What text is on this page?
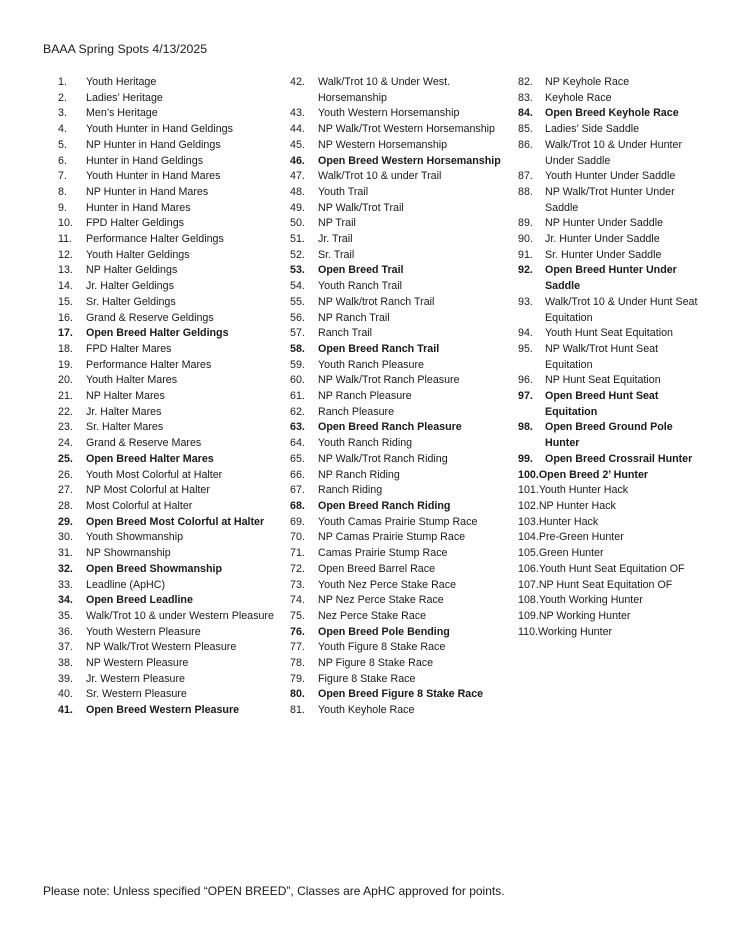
BAAA Spring Spots 4/13/2025
1.	Youth Heritage
2.	Ladies’ Heritage
3.	Men’s Heritage
4.	Youth Hunter in Hand Geldings
5.	NP Hunter in Hand Geldings
6.	Hunter in Hand Geldings
7.	Youth Hunter in Hand Mares
8.	NP Hunter in Hand Mares
9.	Hunter in Hand Mares
10.	FPD Halter Geldings
11.	Performance Halter Geldings
12.	Youth Halter Geldings
13.	NP Halter Geldings
14.	Jr. Halter Geldings
15.	Sr. Halter Geldings
16.	Grand & Reserve Geldings
17.	Open Breed Halter Geldings
18.	FPD Halter Mares
19.	Performance Halter Mares
20.	Youth Halter Mares
21.	NP Halter Mares
22.	Jr. Halter Mares
23.	Sr. Halter Mares
24.	Grand & Reserve Mares
25.	Open Breed Halter Mares
26.	Youth Most Colorful at Halter
27.	NP Most Colorful at Halter
28.	Most Colorful at Halter
29.	Open Breed Most Colorful at Halter
30.	Youth Showmanship
31.	NP Showmanship
32.	Open Breed Showmanship
33.	Leadline (ApHC)
34.	Open Breed Leadline
35.	Walk/Trot 10 & under Western Pleasure
36.	Youth Western Pleasure
37.	NP Walk/Trot Western Pleasure
38.	NP Western Pleasure
39.	Jr. Western Pleasure
40.	Sr. Western Pleasure
41.	Open Breed Western Pleasure
42.	Walk/Trot 10 & Under West. Horsemanship
43.	Youth Western Horsemanship
44.	NP Walk/Trot Western Horsemanship
45.	NP Western Horsemanship
46.	Open Breed Western Horsemanship
47.	Walk/Trot 10 & under Trail
48.	Youth Trail
49.	NP Walk/Trot Trail
50.	NP Trail
51.	Jr. Trail
52.	Sr. Trail
53.	Open Breed Trail
54.	Youth Ranch Trail
55.	NP Walk/trot Ranch Trail
56.	NP Ranch Trail
57.	Ranch Trail
58.	Open Breed Ranch Trail
59.	Youth Ranch Pleasure
60.	NP Walk/Trot Ranch Pleasure
61.	NP Ranch Pleasure
62.	Ranch Pleasure
63.	Open Breed Ranch Pleasure
64.	Youth Ranch Riding
65.	NP Walk/Trot Ranch Riding
66.	NP Ranch Riding
67.	Ranch Riding
68.	Open Breed Ranch Riding
69.	Youth Camas Prairie Stump Race
70.	NP Camas Prairie Stump Race
71.	Camas Prairie Stump Race
72.	Open Breed Barrel Race
73.	Youth Nez Perce Stake Race
74.	NP Nez Perce Stake Race
75.	Nez Perce Stake Race
76.	Open Breed Pole Bending
77.	Youth Figure 8 Stake Race
78.	NP Figure 8 Stake Race
79.	Figure 8 Stake Race
80.	Open Breed Figure 8 Stake Race
81.	Youth Keyhole Race
82.	NP Keyhole Race
83.	Keyhole Race
84.	Open Breed Keyhole Race
85.	Ladies’ Side Saddle
86.	Walk/Trot 10 & Under Hunter Under Saddle
87.	Youth Hunter Under Saddle
88.	NP Walk/Trot Hunter Under Saddle
89.	NP Hunter Under Saddle
90.	Jr. Hunter Under Saddle
91.	Sr. Hunter Under Saddle
92.	Open Breed Hunter Under Saddle
93.	Walk/Trot 10 & Under Hunt Seat Equitation
94.	Youth Hunt Seat Equitation
95.	NP Walk/Trot Hunt Seat Equitation
96.	NP Hunt Seat Equitation
97.	Open Breed Hunt Seat Equitation
98.	Open Breed Ground Pole Hunter
99.	Open Breed Crossrail Hunter
100. Open Breed 2’ Hunter
101. Youth Hunter Hack
102. NP Hunter Hack
103. Hunter Hack
104. Pre-Green Hunter
105. Green Hunter
106. Youth Hunt Seat Equitation OF
107. NP Hunt Seat Equitation OF
108. Youth Working Hunter
109. NP Working Hunter
110. Working Hunter
Please note: Unless specified “OPEN BREED”, Classes are ApHC approved for points.
